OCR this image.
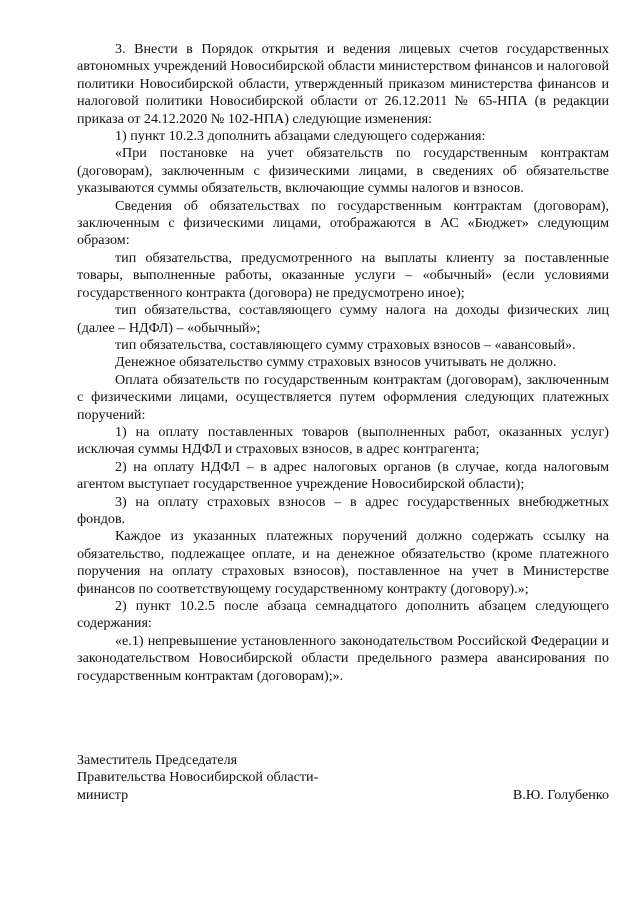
3. Внести в Порядок открытия и ведения лицевых счетов государственных автономных учреждений Новосибирской области министерством финансов и налоговой политики Новосибирской области, утвержденный приказом министерства финансов и налоговой политики Новосибирской области от 26.12.2011 № 65-НПА (в редакции приказа от 24.12.2020 № 102-НПА) следующие изменения:

1) пункт 10.2.3 дополнить абзацами следующего содержания:

«При постановке на учет обязательств по государственным контрактам (договорам), заключенным с физическими лицами, в сведениях об обязательстве указываются суммы обязательств, включающие суммы налогов и взносов.

Сведения об обязательствах по государственным контрактам (договорам), заключенным с физическими лицами, отображаются в АС «Бюджет» следующим образом:

тип обязательства, предусмотренного на выплаты клиенту за поставленные товары, выполненные работы, оказанные услуги – «обычный» (если условиями государственного контракта (договора) не предусмотрено иное);

тип обязательства, составляющего сумму налога на доходы физических лиц (далее – НДФЛ) – «обычный»;

тип обязательства, составляющего сумму страховых взносов – «авансовый».

Денежное обязательство сумму страховых взносов учитывать не должно.

Оплата обязательств по государственным контрактам (договорам), заключенным с физическими лицами, осуществляется путем оформления следующих платежных поручений:

1) на оплату поставленных товаров (выполненных работ, оказанных услуг) исключая суммы НДФЛ и страховых взносов, в адрес контрагента;

2) на оплату НДФЛ – в адрес налоговых органов (в случае, когда налоговым агентом выступает государственное учреждение Новосибирской области);

3) на оплату страховых взносов – в адрес государственных внебюджетных фондов.

Каждое из указанных платежных поручений должно содержать ссылку на обязательство, подлежащее оплате, и на денежное обязательство (кроме платежного поручения на оплату страховых взносов), поставленное на учет в Министерстве финансов по соответствующему государственному контракту (договору).»;

2) пункт 10.2.5 после абзаца семнадцатого дополнить абзацем следующего содержания:

«е.1) непревышение установленного законодательством Российской Федерации и законодательством Новосибирской области предельного размера авансирования по государственным контрактам (договорам);».

Заместитель Председателя
Правительства Новосибирской области-
министр	В.Ю. Голубенко
